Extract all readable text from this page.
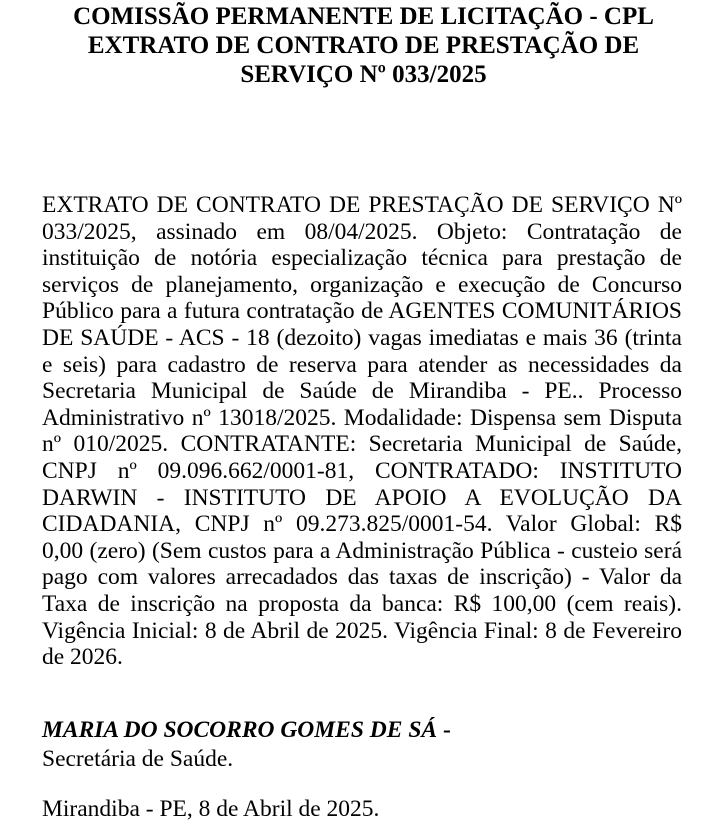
COMISSÃO PERMANENTE DE LICITAÇÃO - CPL
EXTRATO DE CONTRATO DE PRESTAÇÃO DE
SERVIÇO Nº 033/2025
EXTRATO DE CONTRATO DE PRESTAÇÃO DE SERVIÇO Nº 033/2025, assinado em 08/04/2025. Objeto: Contratação de instituição de notória especialização técnica para prestação de serviços de planejamento, organização e execução de Concurso Público para a futura contratação de AGENTES COMUNITÁRIOS DE SAÚDE - ACS - 18 (dezoito) vagas imediatas e mais 36 (trinta e seis) para cadastro de reserva para atender as necessidades da Secretaria Municipal de Saúde de Mirandiba - PE.. Processo Administrativo nº 13018/2025. Modalidade: Dispensa sem Disputa nº 010/2025. CONTRATANTE: Secretaria Municipal de Saúde, CNPJ nº 09.096.662/0001-81, CONTRATADO: INSTITUTO DARWIN - INSTITUTO DE APOIO A EVOLUÇÃO DA CIDADANIA, CNPJ nº 09.273.825/0001-54. Valor Global: R$ 0,00 (zero) (Sem custos para a Administração Pública - custeio será pago com valores arrecadados das taxas de inscrição) - Valor da Taxa de inscrição na proposta da banca: R$ 100,00 (cem reais). Vigência Inicial: 8 de Abril de 2025. Vigência Final: 8 de Fevereiro de 2026.
MARIA DO SOCORRO GOMES DE SÁ -
Secretária de Saúde.
Mirandiba - PE, 8 de Abril de 2025.
